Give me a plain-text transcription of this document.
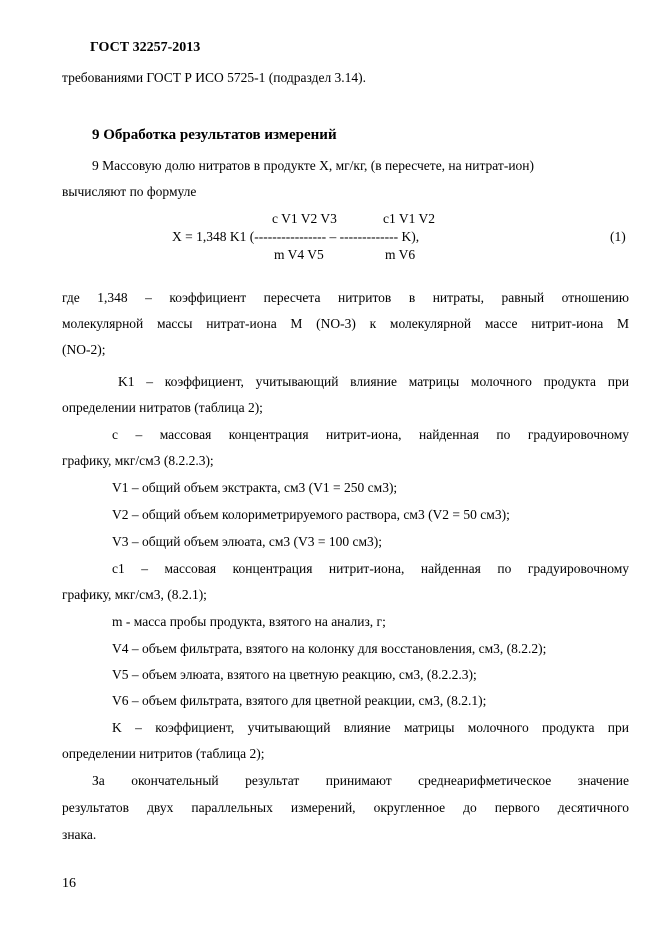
ГОСТ 32257-2013
требованиями ГОСТ Р ИСО 5725-1 (подраздел 3.14).
9 Обработка результатов измерений
9 Массовую долю нитратов в продукте X, мг/кг, (в пересчете, на нитрат-ион)
вычисляют по формуле
c V1 V2 V3	c1 V1 V2
X = 1,348 K1 (---------------- – ------------- K),
m V4 V5	m V6
(1)
где 1,348 – коэффициент пересчета нитритов в нитраты, равный отношению
молекулярной массы нитрат-иона M (NO-3) к молекулярной массе нитрит-иона M
(NO-2);
K1 – коэффициент, учитывающий влияние матрицы молочного продукта при
определении нитратов (таблица 2);
c – массовая концентрация нитрит-иона, найденная по градуировочному
графику, мкг/см3 (8.2.2.3);
V1 – общий объем экстракта, см3 (V1 = 250 см3);
V2 – общий объем колориметрируемого раствора, см3 (V2 = 50 см3);
V3 – общий объем элюата, см3 (V3 = 100 см3);
c1 – массовая концентрация нитрит-иона, найденная по градуировочному
графику, мкг/см3, (8.2.1);
m - масса пробы продукта, взятого на анализ, г;
V4 – объем фильтрата, взятого на колонку для восстановления, см3, (8.2.2);
V5 – объем элюата, взятого на цветную реакцию, см3, (8.2.2.3);
V6 – объем фильтрата, взятого для цветной реакции, см3, (8.2.1);
K – коэффициент, учитывающий влияние матрицы молочного продукта при
определении нитритов (таблица 2);
За окончательный результат принимают среднеарифметическое значение
результатов двух параллельных измерений, округленное до первого десятичного
знака.
16
